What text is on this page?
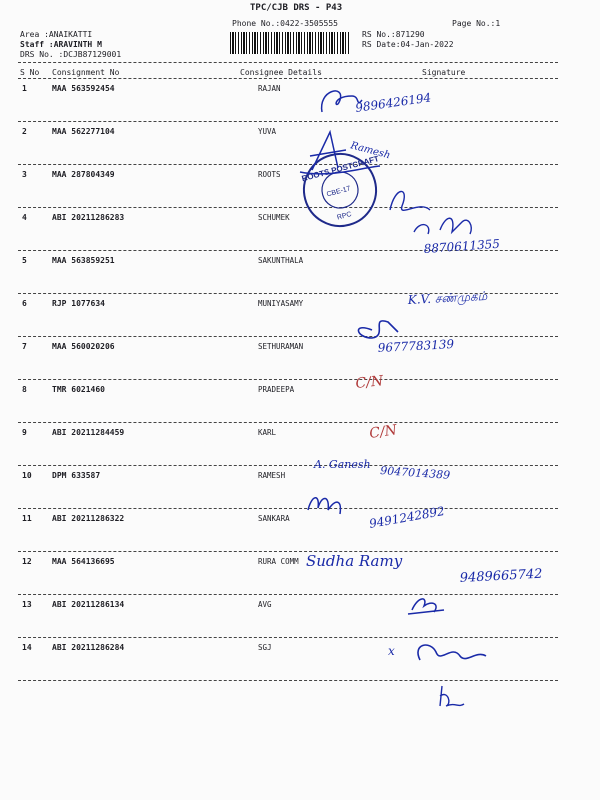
TPC/CJB DRS - P43
Phone No.:0422-3505555
RS No.:871290
RS Date:04-Jan-2022
Page No.:1
Area :ANAIKATTI
Staff :ARAVINTH M
DRS No. :DCJB87129001
S No Consignment No	Consignee Details	Signature
1	MAA 563592454	RAJAN
2	MAA 562277104	YUVA
3	MAA 287804349	ROOTS
4	ABI 20211286283	SCHUMEK
5	MAA 563859251	SAKUNTHALA
6	RJP 1077634	MUNIYASAMY
7	MAA 560020206	SETHURAMAN
8	TMR 6021460	PRADEEPA
9	ABI 20211284459	KARL
10	DPM 633587	RAMESH
11	ABI 20211286322	SANKARA
12	MAA 564136695	RURA COMM
13	ABI 20211286134	AVG
14	ABI 20211286284	SGJ
ROOTS POSTCRAFT
CBE-17
RPC
9896426194
Ramesh
8870611355
K.V. சண்முகம்
9677783139
C/N
C/N
A. Ganesh 9047014389
9491242892
Sudha Ramy
9489665742
x
